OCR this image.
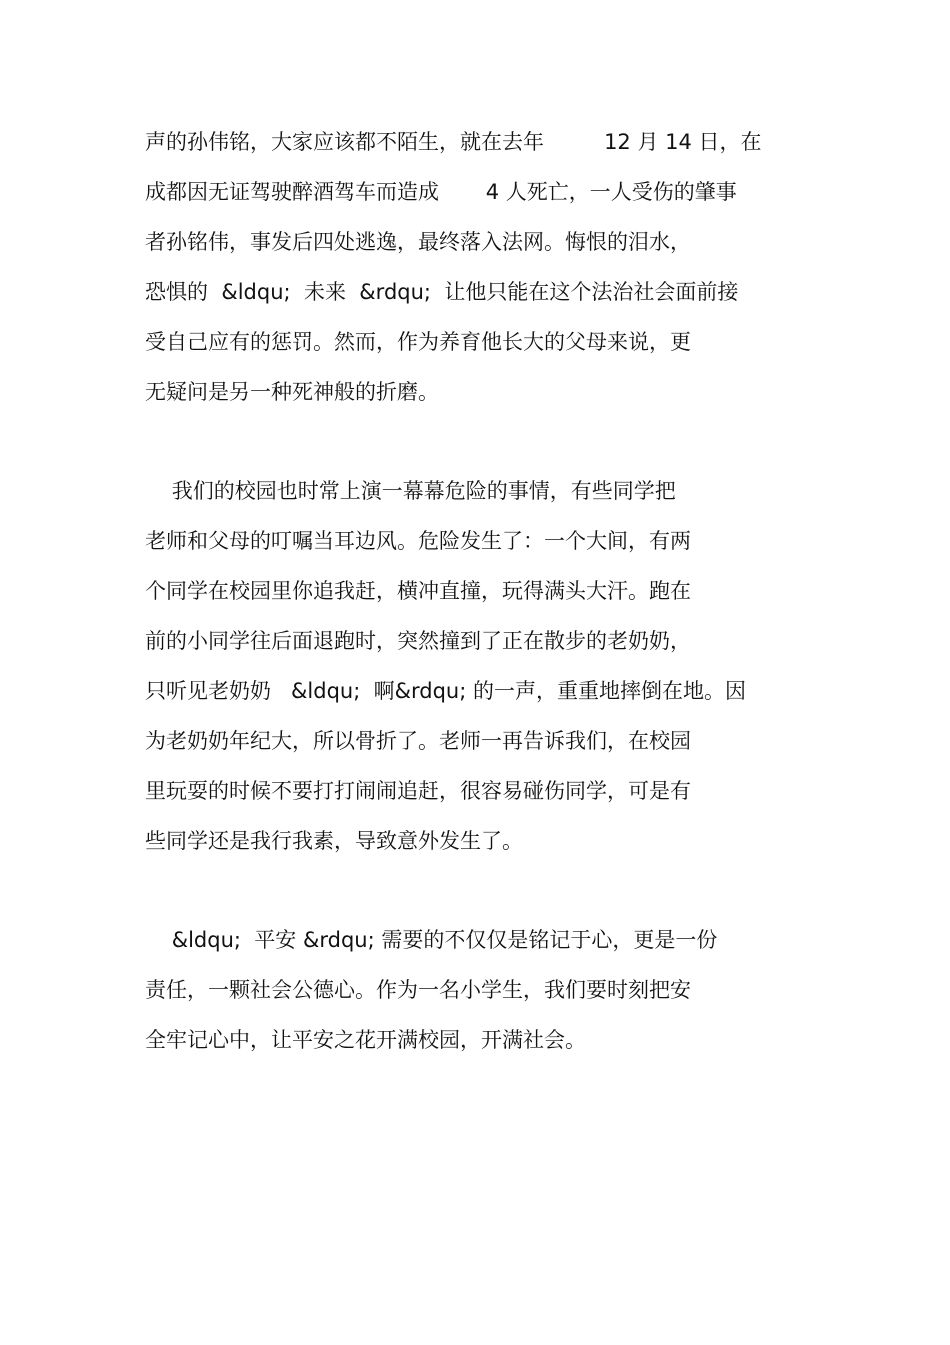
声的孙伟铭，大家应该都不陌生，就在去年         12 月 14 日，在
成都因无证驾驶醉酒驾车而造成       4 人死亡，一人受伤的肇事
者孙铭伟，事发后四处逃逸，最终落入法网。悔恨的泪水，
恐惧的  &ldqu;  未来  &rdqu;  让他只能在这个法治社会面前接
受自己应有的惩罚。然而，作为养育他长大的父母来说，更
无疑问是另一种死神般的折磨。
我们的校园也时常上演一幕幕危险的事情，有些同学把
老师和父母的叮嘱当耳边风。危险发生了：一个大间，有两
个同学在校园里你追我赶，横冲直撞，玩得满头大汗。跑在
前的小同学往后面退跑时，突然撞到了正在散步的老奶奶，
只听见老奶奶   &ldqu;  啊&rdqu; 的一声，重重地摔倒在地。因
为老奶奶年纪大，所以骨折了。老师一再告诉我们，在校园
里玩耍的时候不要打打闹闹追赶，很容易碰伤同学，可是有
些同学还是我行我素，导致意外发生了。
&ldqu;  平安 &rdqu; 需要的不仅仅是铭记于心，更是一份
责任，一颗社会公德心。作为一名小学生，我们要时刻把安
全牢记心中，让平安之花开满校园，开满社会。
